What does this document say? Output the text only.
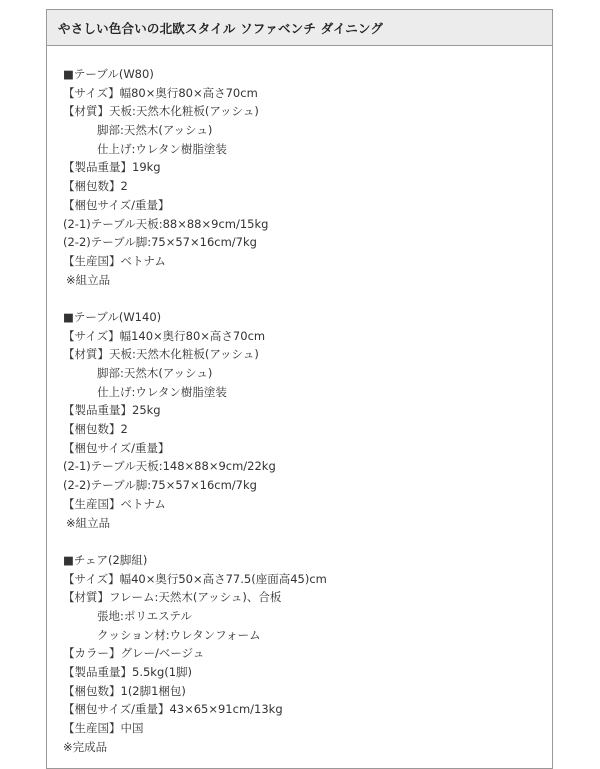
やさしい色合いの北欧スタイル ソファベンチ ダイニング
■テーブル(W80)
【サイズ】幅80×奥行80×高さ70cm
【材質】天板:天然木化粧板(アッシュ)
脚部:天然木(アッシュ)
仕上げ:ウレタン樹脂塗装
【製品重量】19kg
【梱包数】2
【梱包サイズ/重量】
(2-1)テーブル天板:88×88×9cm/15kg
(2-2)テーブル脚:75×57×16cm/7kg
【生産国】ベトナム
※組立品
■テーブル(W140)
【サイズ】幅140×奥行80×高さ70cm
【材質】天板:天然木化粧板(アッシュ)
脚部:天然木(アッシュ)
仕上げ:ウレタン樹脂塗装
【製品重量】25kg
【梱包数】2
【梱包サイズ/重量】
(2-1)テーブル天板:148×88×9cm/22kg
(2-2)テーブル脚:75×57×16cm/7kg
【生産国】ベトナム
※組立品
■チェア(2脚組)
【サイズ】幅40×奥行50×高さ77.5(座面高45)cm
【材質】フレーム:天然木(アッシュ)、合板
張地:ポリエステル
クッション材:ウレタンフォーム
【カラー】グレー/ベージュ
【製品重量】5.5kg(1脚)
【梱包数】1(2脚1梱包)
【梱包サイズ/重量】43×65×91cm/13kg
【生産国】中国
※完成品
